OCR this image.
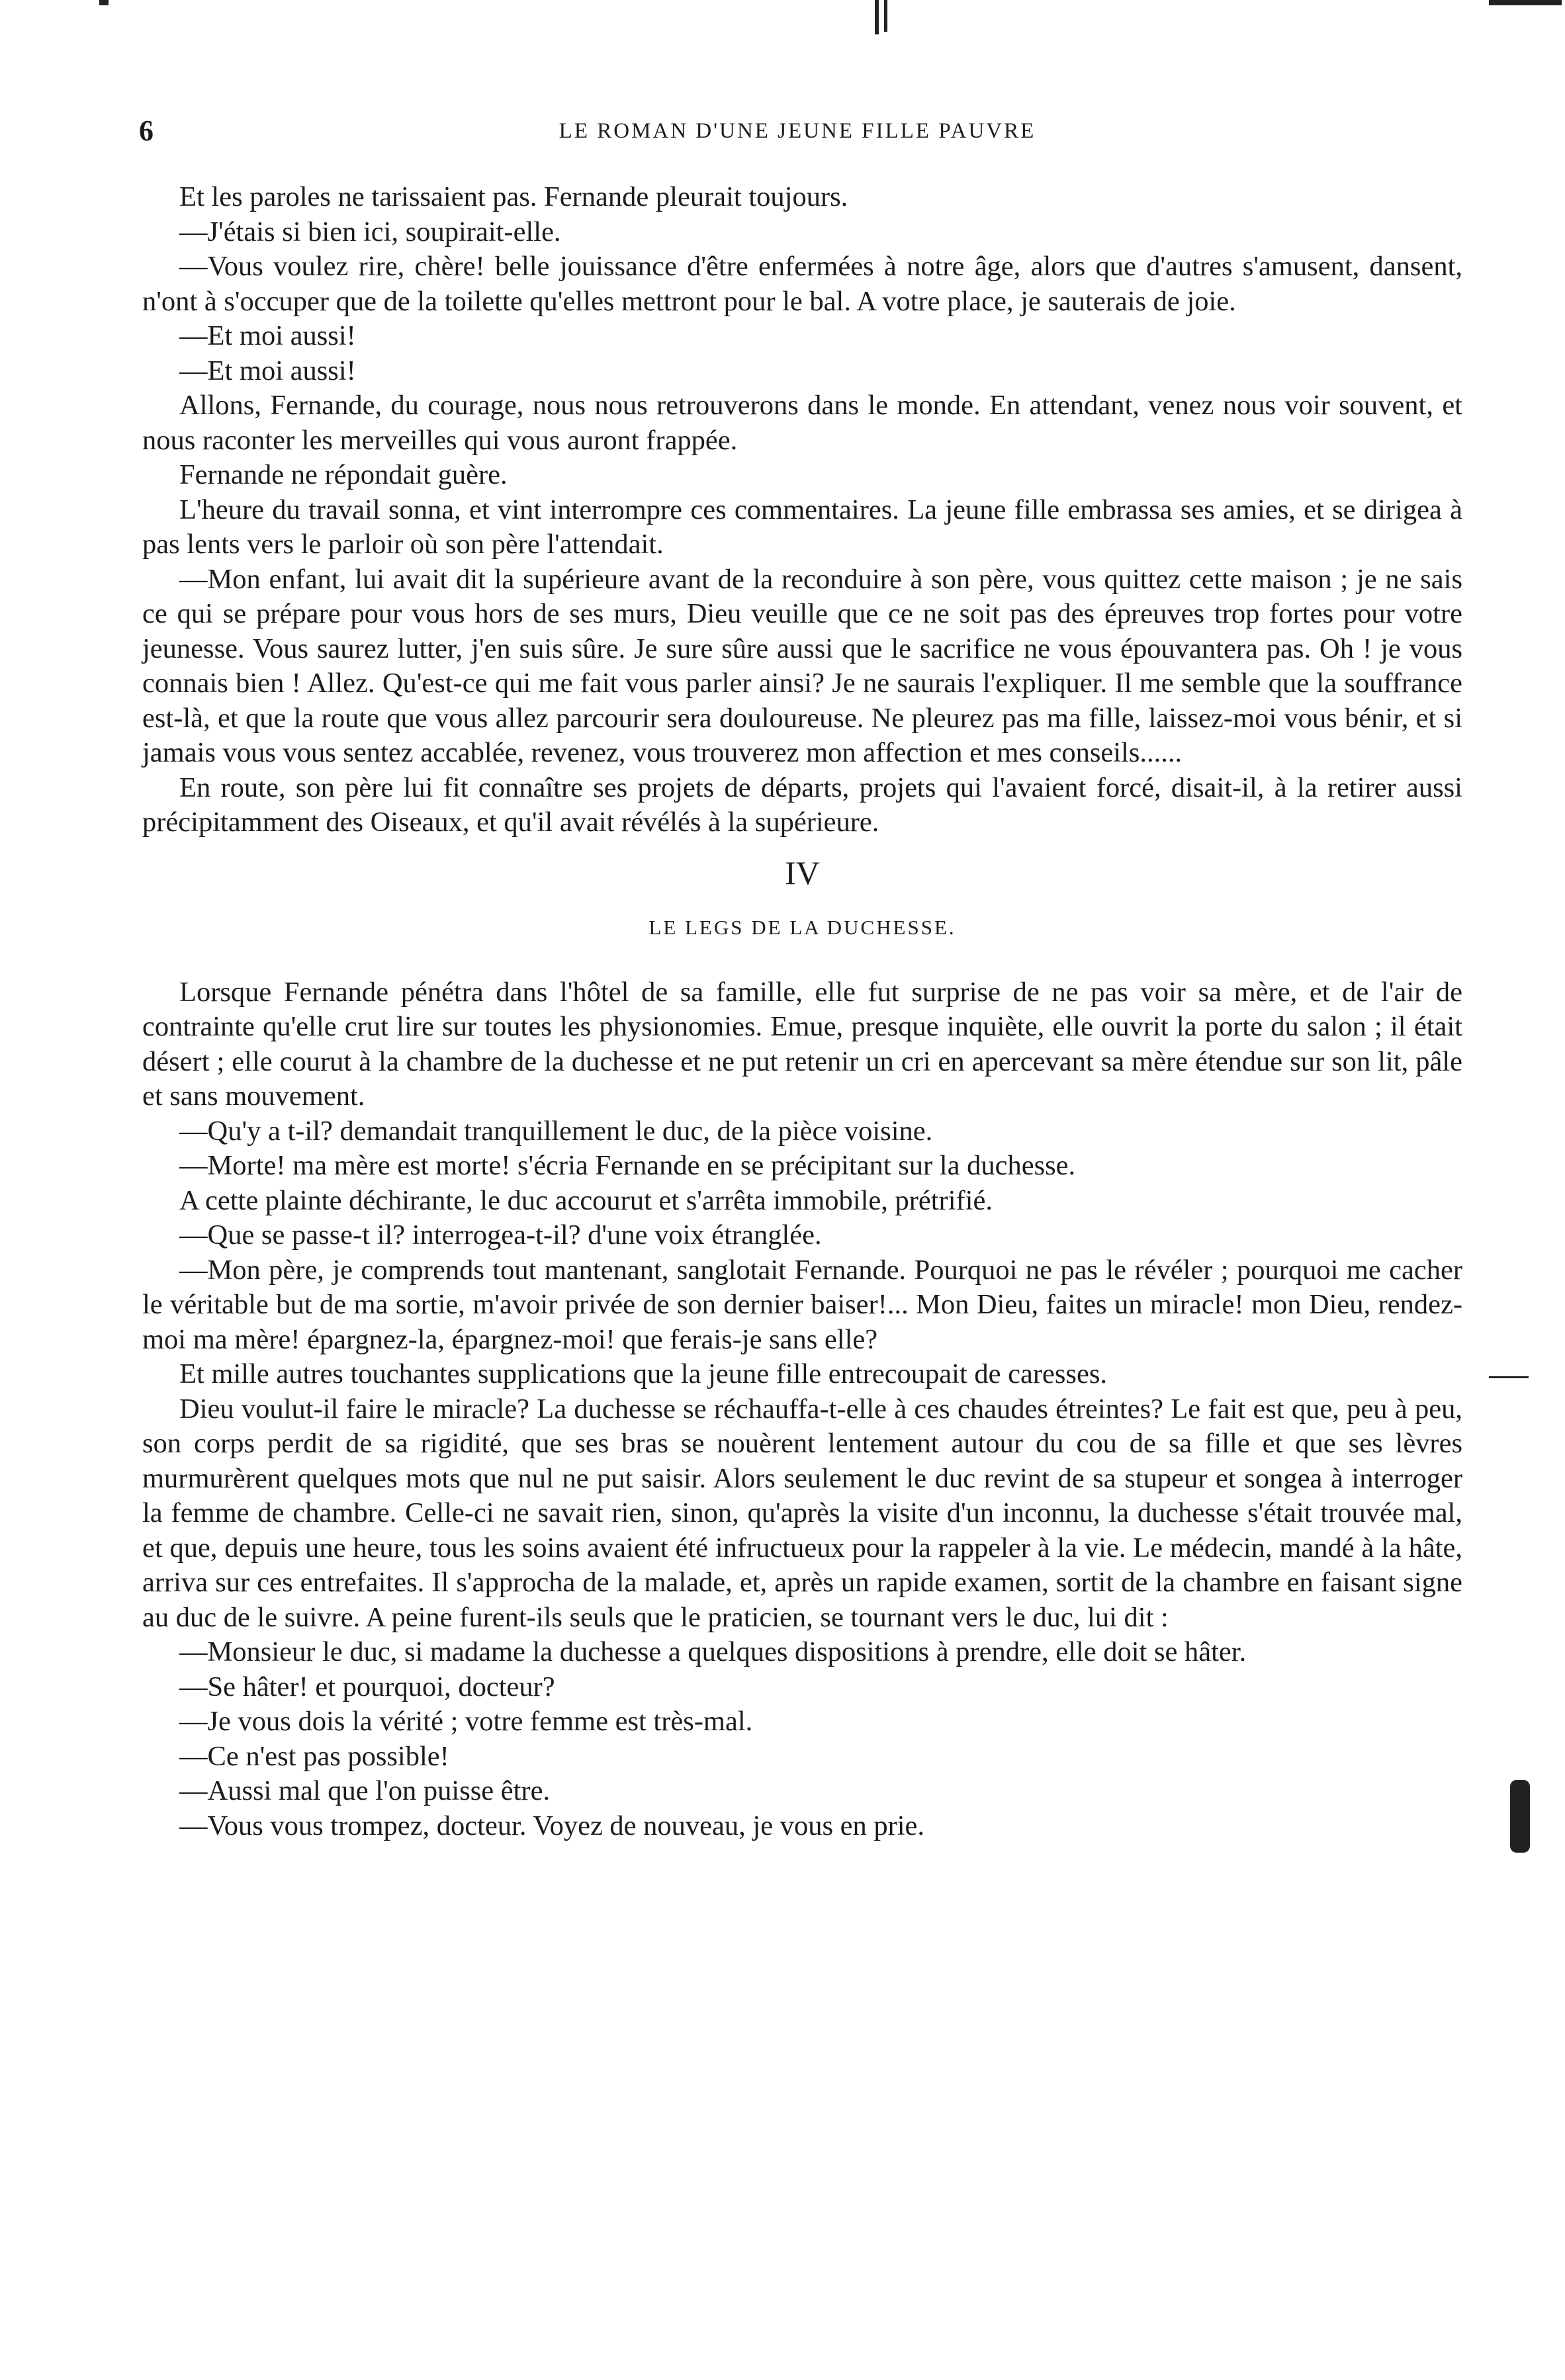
6	LE ROMAN D'UNE JEUNE FILLE PAUVRE

Et les paroles ne tarissaient pas. Fernande pleurait toujours.

—J'étais si bien ici, soupirait-elle.

—Vous voulez rire, chère! belle jouissance d'être enfermées à notre âge, alors que d'autres s'amusent, dansent, n'ont à s'occuper que de la toilette qu'elles mettront pour le bal. A votre place, je sauterais de joie.

—Et moi aussi!

—Et moi aussi!

Allons, Fernande, du courage, nous nous retrouverons dans le monde. En attendant, venez nous voir souvent, et nous raconter les merveilles qui vous auront frappée.

Fernande ne répondait guère.

L'heure du travail sonna, et vint interrompre ces commentaires. La jeune fille embrassa ses amies, et se dirigea à pas lents vers le parloir où son père l'attendait.

—Mon enfant, lui avait dit la supérieure avant de la reconduire à son père, vous quittez cette maison ; je ne sais ce qui se prépare pour vous hors de ses murs, Dieu veuille que ce ne soit pas des épreuves trop fortes pour votre jeunesse. Vous saurez lutter, j'en suis sûre. Je sure sûre aussi que le sacrifice ne vous épouvantera pas. Oh ! je vous connais bien ! Allez. Qu'est-ce qui me fait vous parler ainsi? Je ne saurais l'expliquer. Il me semble que la souffrance est-là, et que la route que vous allez parcourir sera douloureuse. Ne pleurez pas ma fille, laissez-moi vous bénir, et si jamais vous vous sentez accablée, revenez, vous trouverez mon affection et mes conseils......

En route, son père lui fit connaître ses projets de départs, projets qui l'avaient forcé, disait-il, à la retirer aussi précipitamment des Oiseaux, et qu'il avait révélés à la supérieure.

IV
LE LEGS DE LA DUCHESSE.

Lorsque Fernande pénétra dans l'hôtel de sa famille, elle fut surprise de ne pas voir sa mère, et de l'air de contrainte qu'elle crut lire sur toutes les physionomies. Emue, presque inquiète, elle ouvrit la porte du salon ; il était désert ; elle courut à la chambre de la duchesse et ne put retenir un cri en apercevant sa mère étendue sur son lit, pâle et sans mouvement.

—Qu'y a t-il? demandait tranquillement le duc, de la pièce voisine.

—Morte! ma mère est morte! s'écria Fernande en se précipitant sur la duchesse.

A cette plainte déchirante, le duc accourut et s'arrêta immobile, prétrifié.

—Que se passe-t il? interrogea-t-il? d'une voix étranglée.

—Mon père, je comprends tout mantenant, sanglotait Fernande. Pourquoi ne pas le révéler ; pourquoi me cacher le véritable but de ma sortie, m'avoir privée de son dernier baiser!... Mon Dieu, faites un miracle! mon Dieu, rendez-moi ma mère! épargnez-la, épargnez-moi! que ferais-je sans elle?

Et mille autres touchantes supplications que la jeune fille entrecoupait de caresses.

Dieu voulut-il faire le miracle? La duchesse se réchauffa-t-elle à ces chaudes étreintes? Le fait est que, peu à peu, son corps perdit de sa rigidité, que ses bras se nouèrent lentement autour du cou de sa fille et que ses lèvres murmurèrent quelques mots que nul ne put saisir. Alors seulement le duc revint de sa stupeur et songea à interroger la femme de chambre. Celle-ci ne savait rien, sinon, qu'après la visite d'un inconnu, la duchesse s'était trouvée mal, et que, depuis une heure, tous les soins avaient été infructueux pour la rappeler à la vie. Le médecin, mandé à la hâte, arriva sur ces entrefaites. Il s'approcha de la malade, et, après un rapide examen, sortit de la chambre en faisant signe au duc de le suivre. A peine furent-ils seuls que le praticien, se tournant vers le duc, lui dit :

—Monsieur le duc, si madame la duchesse a quelques dispositions à prendre, elle doit se hâter.

—Se hâter! et pourquoi, docteur?

—Je vous dois la vérité ; votre femme est très-mal.

—Ce n'est pas possible!

—Aussi mal que l'on puisse être.

—Vous vous trompez, docteur. Voyez de nouveau, je vous en prie.
